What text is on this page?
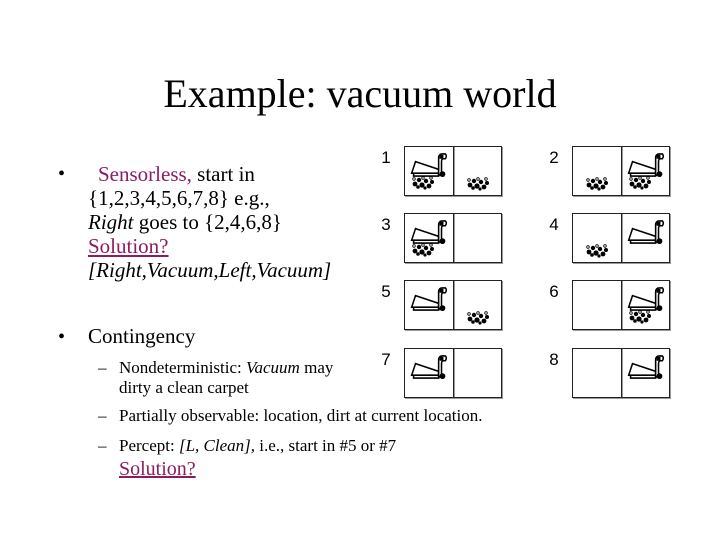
Example: vacuum world
•	Sensorless, start in
{1,2,3,4,5,6,7,8} e.g.,
Right goes to {2,4,6,8}
Solution?
[Right,Vacuum,Left,Vacuum]
• Contingency
– Nondeterministic: Vacuum may
dirty a clean carpet
– Partially observable: location, dirt at current location.
– Percept: [L, Clean], i.e., start in #5 or #7
Solution?
1	2
3	4
5	6
7	8
